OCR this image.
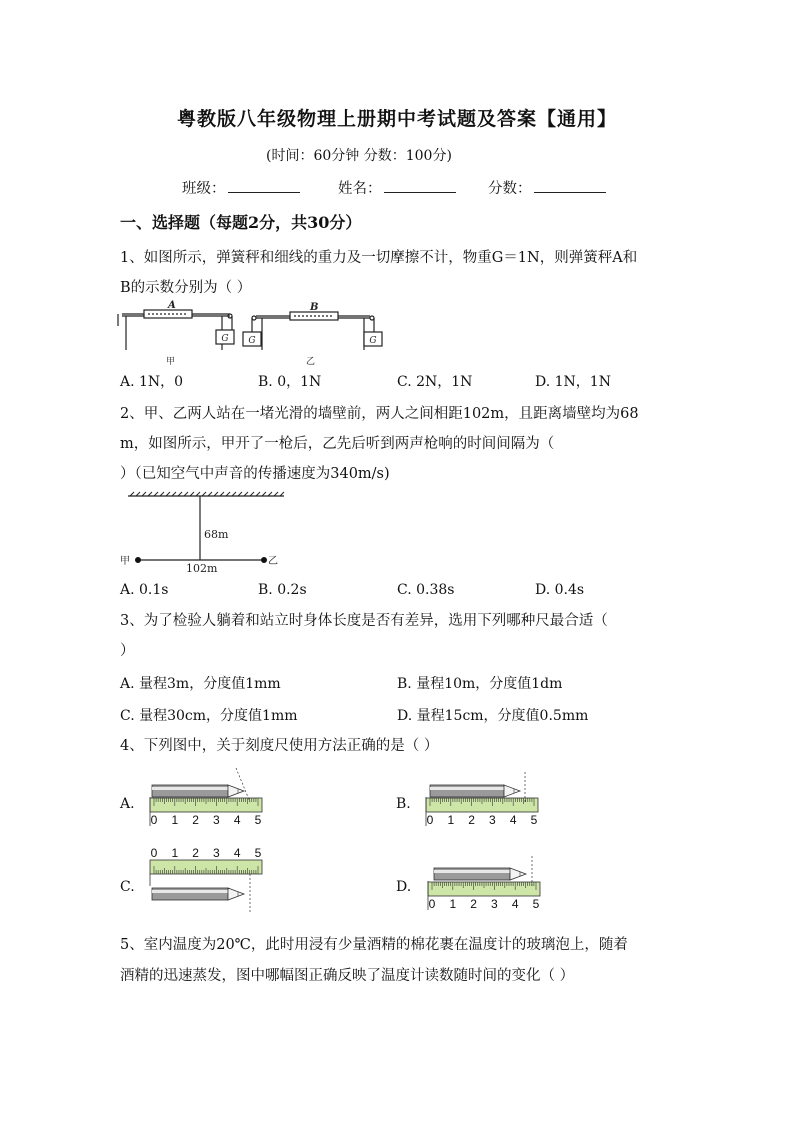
粤教版八年级物理上册期中考试题及答案【通用】
(时间：60分钟 分数：100分)
班级：	姓名：	分数：
一、选择题（每题2分，共30分）
1、如图所示，弹簧秤和细线的重力及一切摩擦不计，物重G＝1N，则弹簧秤A和
B的示数分别为（ ）
A
G
B
G	G
甲	乙
A. 1N，0	B. 0，1N	C. 2N，1N	D. 1N，1N
2、甲、乙两人站在一堵光滑的墙壁前，两人之间相距102m，且距离墙壁均为68
m，如图所示，甲开了一枪后，乙先后听到两声枪响的时间间隔为（
）（已知空气中声音的传播速度为340m/s)
68m
102m
甲	乙
A. 0.1s	B. 0.2s	C. 0.38s	D. 0.4s
3、为了检验人躺着和站立时身体长度是否有差异，选用下列哪种尺最合适（
）
A. 量程3m，分度值1mm	B. 量程10m，分度值1dm
C. 量程30cm，分度值1mm	D. 量程15cm，分度值0.5mm
4、下列图中，关于刻度尺使用方法正确的是（ ）
A.	B.
C.	D.
0 1 2 3 4 5	0 1 2 3 4 5
0 1 2 3 4 5
0 1 2 3 4 5
5、室内温度为20℃，此时用浸有少量酒精的棉花裹在温度计的玻璃泡上，随着
酒精的迅速蒸发，图中哪幅图正确反映了温度计读数随时间的变化（ ）
